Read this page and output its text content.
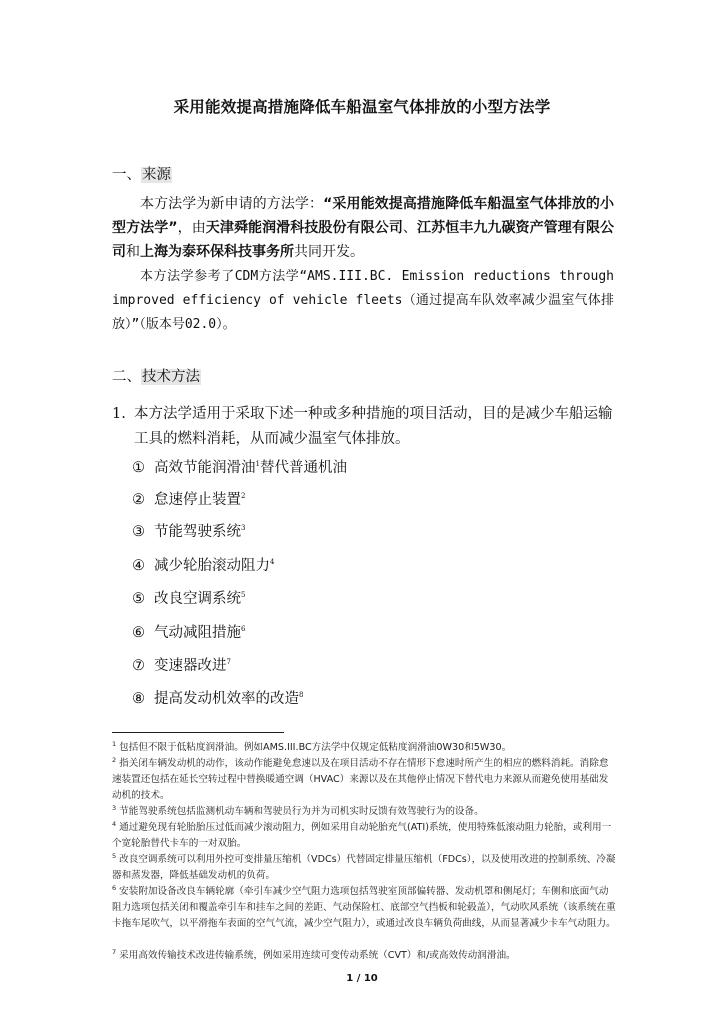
采用能效提高措施降低车船温室气体排放的小型方法学
一、来源

本方法学为新申请的方法学：“采用能效提高措施降低车船温室气体排放的小型方法学”，由天津舜能润滑科技股份有限公司、江苏恒丰九九碳资产管理有限公司和上海为泰环保科技事务所共同开发。

本方法学参考了CDM方法学“AMS.III.BC. Emission reductions through improved efficiency of vehicle fleets（通过提高车队效率减少温室气体排放）”（版本号02.0）。

二、技术方法
1. 本方法学适用于采取下述一种或多种措施的项目活动，目的是减少车船运输工具的燃料消耗，从而减少温室气体排放。
① 高效节能润滑油$^1$替代普通机油
② 怠速停止装置$^2$
③ 节能驾驶系统$^3$
④ 减少轮胎滚动阻力$^4$
⑤ 改良空调系统$^5$
⑥ 气动减阻措施$^6$
⑦ 变速器改进$^7$
⑧ 提高发动机效率的改造$^8$

$^1$ 包括但不限于低粘度润滑油。例如AMS.III.BC方法学中仅规定低粘度润滑油0W30和5W30。

$^2$ 指关闭车辆发动机的动作，该动作能避免怠速以及在项目活动不存在情形下怠速时所产生的相应的燃料消耗。消除怠速装置还包括在延长空转过程中替换暖通空调（HVAC）来源以及在其他停止情况下替代电力来源从而避免使用基础发动机的技术。

$^3$ 节能驾驶系统包括监测机动车辆和驾驶员行为并为司机实时反馈有效驾驶行为的设备。

$^4$ 通过避免现有轮胎胎压过低而减少滚动阻力，例如采用自动轮胎充气(ATI)系统，使用特殊低滚动阻力轮胎，或利用一个宽轮胎替代卡车的一对双胎。

$^5$ 改良空调系统可以利用外控可变排量压缩机（VDCs）代替固定排量压缩机（FDCs），以及使用改进的控制系统、冷凝器和蒸发器，降低基础发动机的负荷。

$^6$ 安装附加设备改良车辆轮廓（牵引车减少空气阻力选项包括驾驶室顶部偏转器、发动机罩和侧尾灯；车侧和底面气动阻力选项包括关闭和覆盖牵引车和挂车之间的差距、气动保险杠、底部空气挡板和轮毂盖），气动吹风系统（该系统在重卡拖车尾吹气，以平滑拖车表面的空气气流，减少空气阻力），或通过改良车辆负荷曲线，从而显著减少卡车气动阻力。

$^7$ 采用高效传输技术改进传输系统，例如采用连续可变传动系统（CVT）和/或高效传动润滑油。

1 / 10
